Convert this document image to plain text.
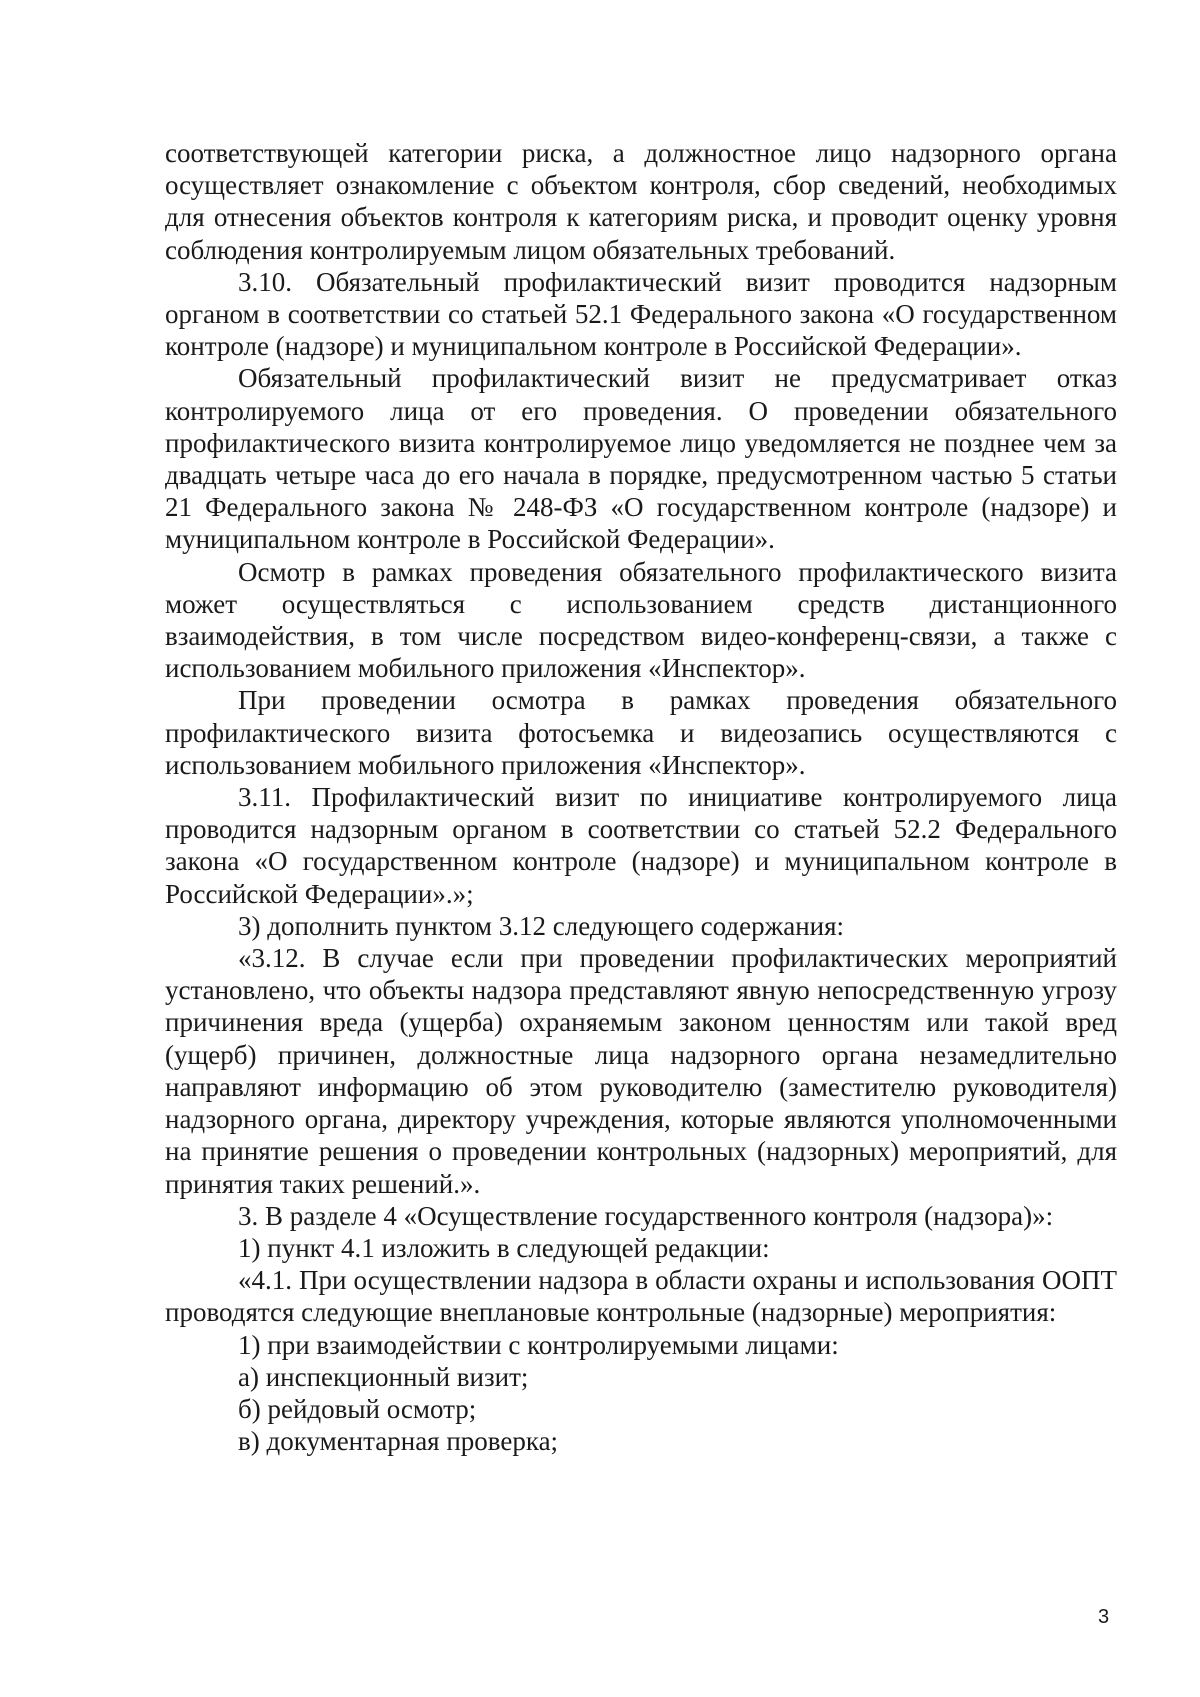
соответствующей категории риска, а должностное лицо надзорного органа осуществляет ознакомление с объектом контроля, сбор сведений, необходимых для отнесения объектов контроля к категориям риска, и проводит оценку уровня соблюдения контролируемым лицом обязательных требований.

3.10. Обязательный профилактический визит проводится надзорным органом в соответствии со статьей 52.1 Федерального закона «О государственном контроле (надзоре) и муниципальном контроле в Российской Федерации».

Обязательный профилактический визит не предусматривает отказ контролируемого лица от его проведения. О проведении обязательного профилактического визита контролируемое лицо уведомляется не позднее чем за двадцать четыре часа до его начала в порядке, предусмотренном частью 5 статьи 21 Федерального закона № 248-ФЗ «О государственном контроле (надзоре) и муниципальном контроле в Российской Федерации».

Осмотр в рамках проведения обязательного профилактического визита может осуществляться с использованием средств дистанционного взаимодействия, в том числе посредством видео-конференц-связи, а также с использованием мобильного приложения «Инспектор».

При проведении осмотра в рамках проведения обязательного профилактического визита фотосъемка и видеозапись осуществляются с использованием мобильного приложения «Инспектор».

3.11. Профилактический визит по инициативе контролируемого лица проводится надзорным органом в соответствии со статьей 52.2 Федерального закона «О государственном контроле (надзоре) и муниципальном контроле в Российской Федерации».»;

3) дополнить пунктом 3.12 следующего содержания:

«3.12. В случае если при проведении профилактических мероприятий установлено, что объекты надзора представляют явную непосредственную угрозу причинения вреда (ущерба) охраняемым законом ценностям или такой вред (ущерб) причинен, должностные лица надзорного органа незамедлительно направляют информацию об этом руководителю (заместителю руководителя) надзорного органа, директору учреждения, которые являются уполномоченными на принятие решения о проведении контрольных (надзорных) мероприятий, для принятия таких решений.».

3. В разделе 4 «Осуществление государственного контроля (надзора)»:

1) пункт 4.1 изложить в следующей редакции:

«4.1. При осуществлении надзора в области охраны и использования ООПТ проводятся следующие внеплановые контрольные (надзорные) мероприятия:

1) при взаимодействии с контролируемыми лицами:

а) инспекционный визит;

б) рейдовый осмотр;

в) документарная проверка;

3
